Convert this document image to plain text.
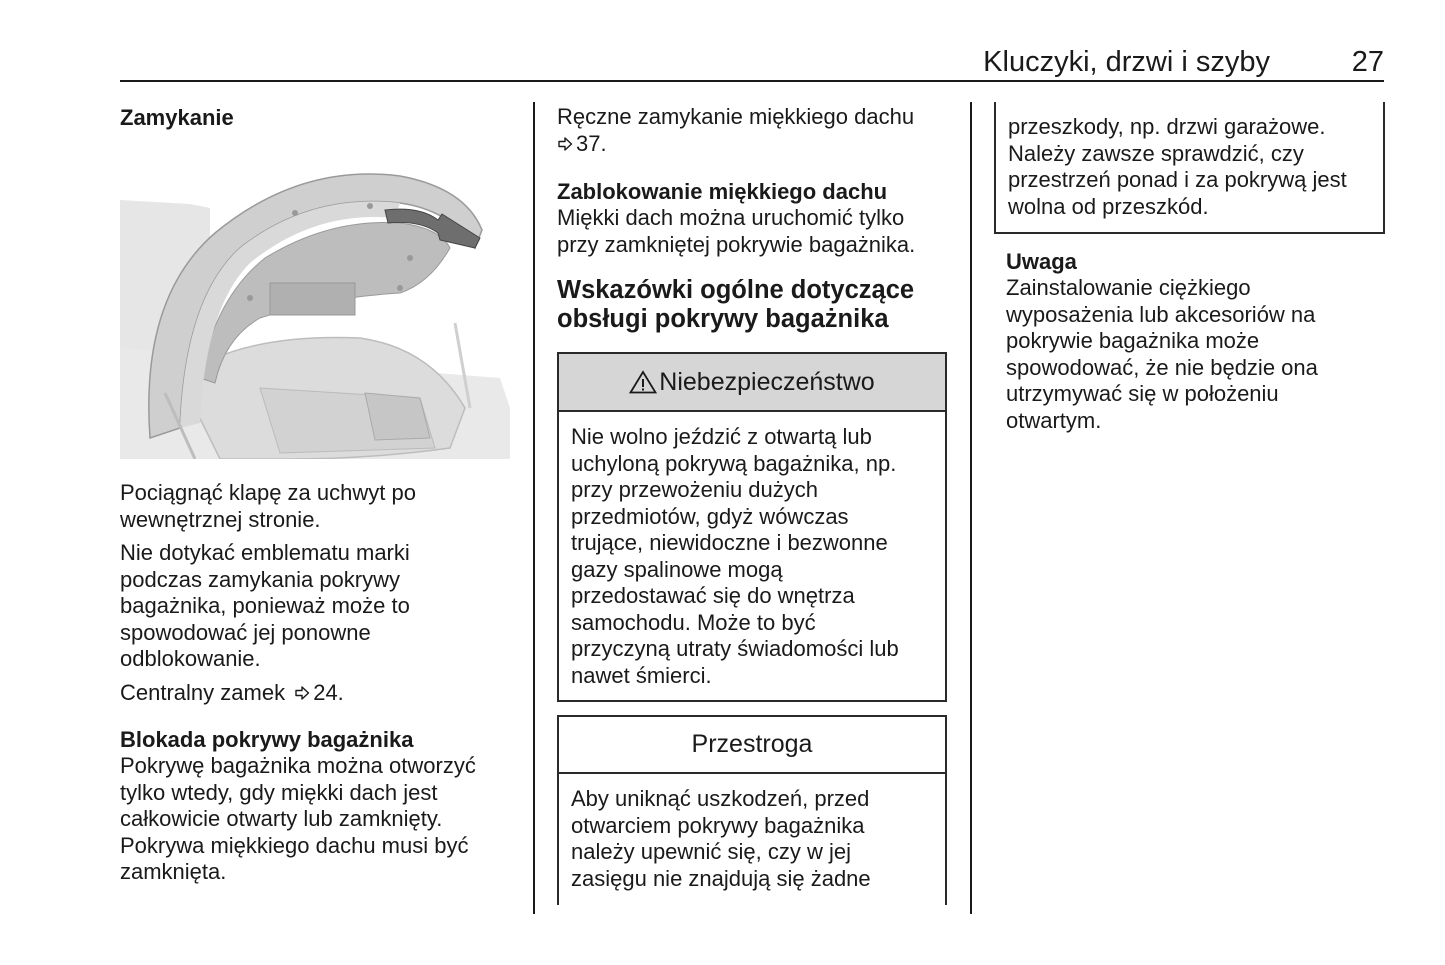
Kluczyki, drzwi i szyby	27
Zamykanie

Pociągnąć klapę za uchwyt po
wewnętrznej stronie.

Nie dotykać emblematu marki
podczas zamykania pokrywy
bagażnika, ponieważ może to
spowodować jej ponowne
odblokowanie.

Centralny zamek 24.

Blokada pokrywy bagażnika

Pokrywę bagażnika można otworzyć
tylko wtedy, gdy miękki dach jest
całkowicie otwarty lub zamknięty.
Pokrywa miękkiego dachu musi być
zamknięta.

Ręczne zamykanie miękkiego dachu
37.

Zablokowanie miękkiego dachu

Miękki dach można uruchomić tylko
przy zamkniętej pokrywie bagażnika.

Wskazówki ogólne dotyczące
obsługi pokrywy bagażnika
Niebezpieczeństwo

Nie wolno jeździć z otwartą lub
uchyloną pokrywą bagażnika, np.
przy przewożeniu dużych
przedmiotów, gdyż wówczas
trujące, niewidoczne i bezwonne
gazy spalinowe mogą
przedostawać się do wnętrza
samochodu. Może to być
przyczyną utraty świadomości lub
nawet śmierci.

Przestroga

Aby uniknąć uszkodzeń, przed
otwarciem pokrywy bagażnika
należy upewnić się, czy w jej
zasięgu nie znajdują się żadne

przeszkody, np. drzwi garażowe.
Należy zawsze sprawdzić, czy
przestrzeń ponad i za pokrywą jest
wolna od przeszkód.

Uwaga

Zainstalowanie ciężkiego
wyposażenia lub akcesoriów na
pokrywie bagażnika może
spowodować, że nie będzie ona
utrzymywać się w położeniu
otwartym.
